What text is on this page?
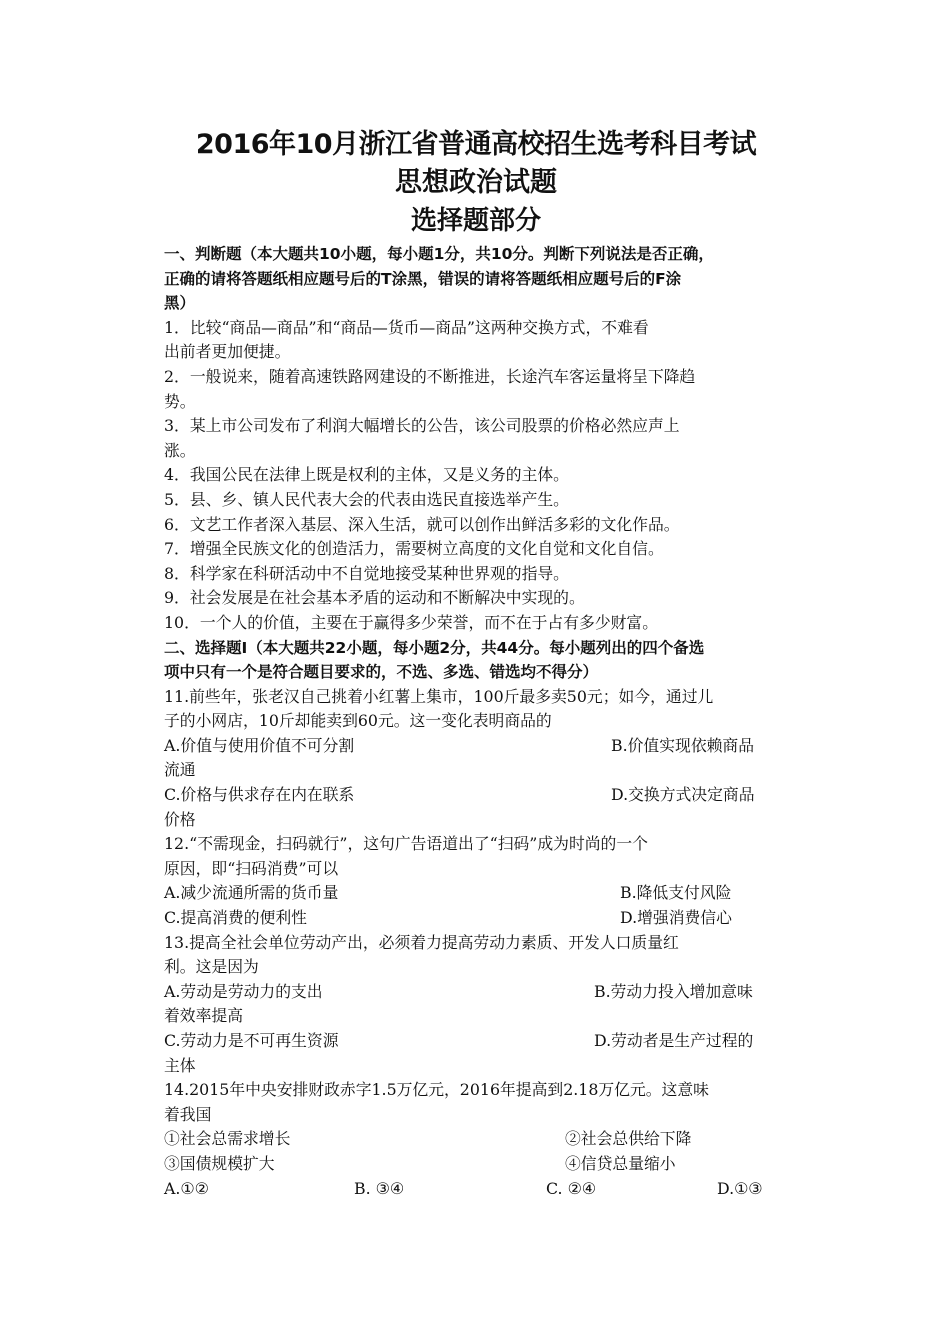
2016年10月浙江省普通高校招生选考科目考试
思想政治试题
选择题部分
一、判断题（本大题共10小题，每小题1分，共10分。判断下列说法是否正确，
正确的请将答题纸相应题号后的T涂黑，错误的请将答题纸相应题号后的F涂
黑）
1．比较“商品—商品”和“商品—货币—商品”这两种交换方式，不难看
出前者更加便捷。
2．一般说来，随着高速铁路网建设的不断推进，长途汽车客运量将呈下降趋
势。
3．某上市公司发布了利润大幅增长的公告，该公司股票的价格必然应声上
涨。
4．我国公民在法律上既是权利的主体，又是义务的主体。
5．县、乡、镇人民代表大会的代表由选民直接选举产生。
6．文艺工作者深入基层、深入生活，就可以创作出鲜活多彩的文化作品。
7．增强全民族文化的创造活力，需要树立高度的文化自觉和文化自信。
8．科学家在科研活动中不自觉地接受某种世界观的指导。
9．社会发展是在社会基本矛盾的运动和不断解决中实现的。
10．一个人的价值，主要在于赢得多少荣誉，而不在于占有多少财富。
二、选择题Ⅰ（本大题共22小题，每小题2分，共44分。每小题列出的四个备选
项中只有一个是符合题目要求的，不选、多选、错选均不得分）
11.前些年，张老汉自己挑着小红薯上集市，100斤最多卖50元；如今，通过儿
子的小网店，10斤却能卖到60元。这一变化表明商品的
A.价值与使用价值不可分割	B.价值实现依赖商品
流通
C.价格与供求存在内在联系	D.交换方式决定商品
价格
12.“不需现金，扫码就行”，这句广告语道出了“扫码”成为时尚的一个
原因，即“扫码消费”可以
A.减少流通所需的货币量	B.降低支付风险
C.提高消费的便利性	D.增强消费信心
13.提高全社会单位劳动产出，必须着力提高劳动力素质、开发人口质量红
利。这是因为
A.劳动是劳动力的支出	B.劳动力投入增加意味
着效率提高
C.劳动力是不可再生资源	D.劳动者是生产过程的
主体
14.2015年中央安排财政赤字1.5万亿元，2016年提高到2.18万亿元。这意味
着我国
①社会总需求增长	②社会总供给下降
③国债规模扩大	④信贷总量缩小
A.①②	B. ③④	C. ②④	D.①③
